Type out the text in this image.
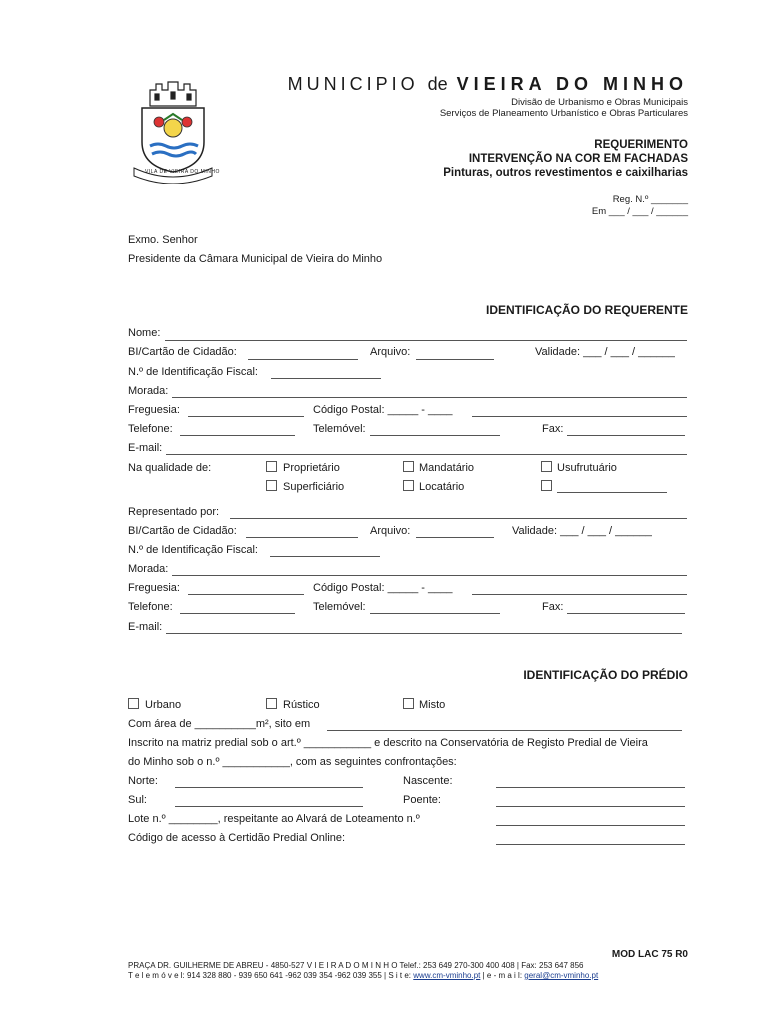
VILA DE VIEIRA DO MINHO
MUNICIPIO de VIEIRA DO MINHO
Divisão de Urbanismo e Obras Municipais
Serviços de Planeamento Urbanístico e Obras Particulares
REQUERIMENTO
INTERVENÇÃO NA COR EM FACHADAS
Pinturas, outros revestimentos e caixilharias
Reg. N.º _______
Em ___ / ___ / ______
Exmo. Senhor
Presidente da Câmara Municipal de Vieira do Minho
IDENTIFICAÇÃO DO REQUERENTE
Nome:
BI/Cartão de Cidadão:	Arquivo:	Validade: ___ / ___ / ______
N.º de Identificação Fiscal:
Morada:
Freguesia:	Código Postal: _____ - ____
Telefone:	Telemóvel:	Fax:
E-mail:
Na qualidade de:	Proprietário	Mandatário	Usufrutuário
Superficiário	Locatário
Representado por:
BI/Cartão de Cidadão:	Arquivo:	Validade: ___ / ___ / ______
N.º de Identificação Fiscal:
Morada:
Freguesia:	Código Postal: _____ - ____
Telefone:	Telemóvel:	Fax:
E-mail:
IDENTIFICAÇÃO DO PRÉDIO
Urbano	Rústico	Misto
Com área de __________m², sito em
Inscrito na matriz predial sob o art.º ___________ e descrito na Conservatória de Registo Predial de Vieira
do Minho sob o n.º ___________, com as seguintes confrontações:
Norte:	Nascente:
Sul:	Poente:
Lote n.º ________, respeitante ao Alvará de Loteamento n.º
Código de acesso à Certidão Predial Online:
MOD LAC 75 R0
PRAÇA DR. GUILHERME DE ABREU - 4850-527 V I E I R A D O M I N H O Telef.: 253 649 270-300 400 408 | Fax: 253 647 856
T e l e m ó v e l: 914 328 880 - 939 650 641 -962 039 354 -962 039 355 | S i t e: www.cm-vminho.pt | e - m a i l: geral@cm-vminho.pt
